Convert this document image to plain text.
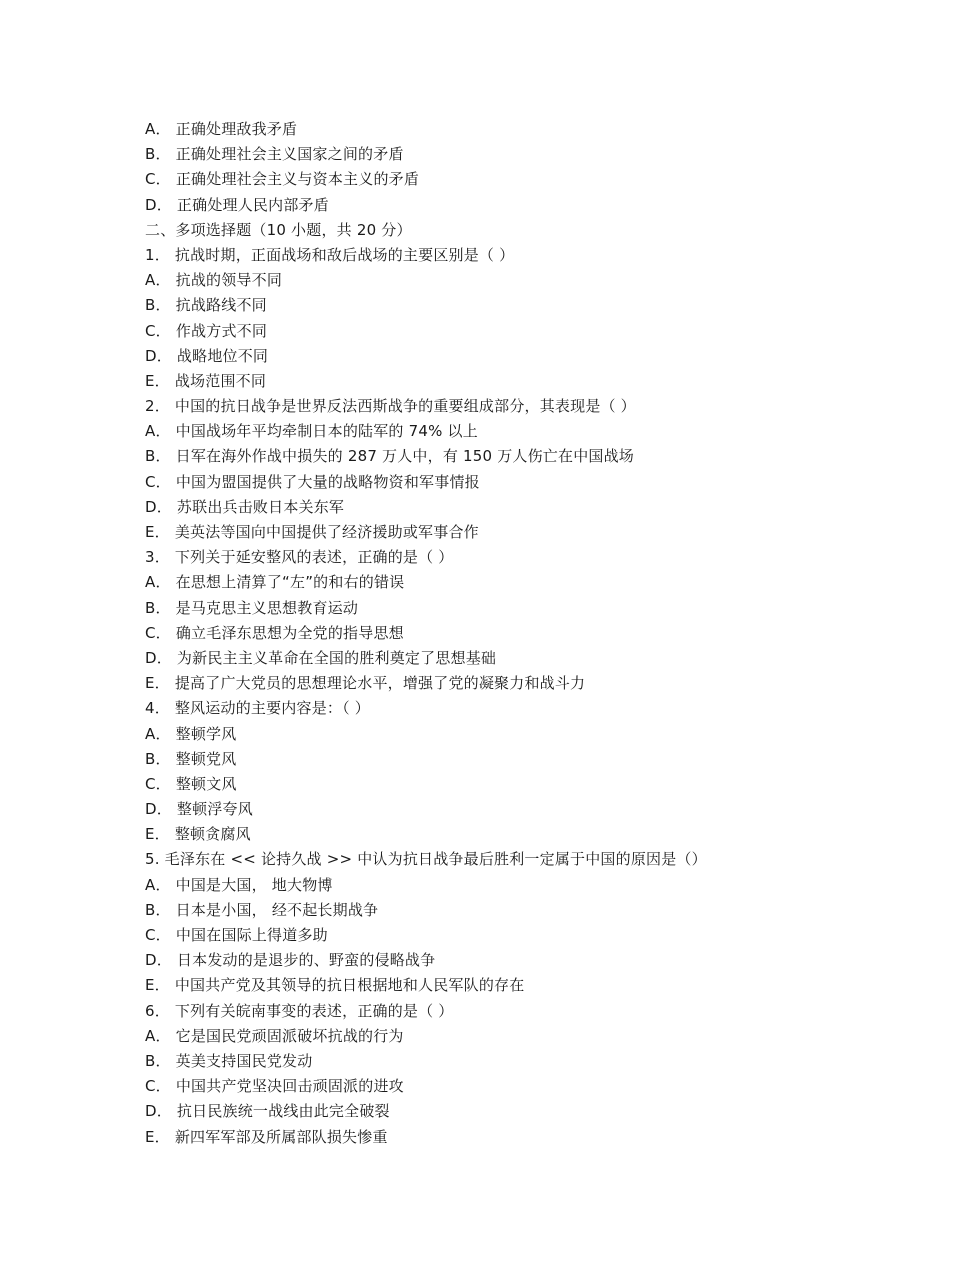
A． 正确处理敌我矛盾
B． 正确处理社会主义国家之间的矛盾
C． 正确处理社会主义与资本主义的矛盾
D． 正确处理人民内部矛盾
二、多项选择题（10 小题，共 20 分）
1． 抗战时期，正面战场和敌后战场的主要区别是（ ）
A． 抗战的领导不同
B． 抗战路线不同
C． 作战方式不同
D． 战略地位不同
E． 战场范围不同
2． 中国的抗日战争是世界反法西斯战争的重要组成部分，其表现是（ ）
A． 中国战场年平均牵制日本的陆军的 74% 以上
B． 日军在海外作战中损失的 287 万人中，有 150 万人伤亡在中国战场
C． 中国为盟国提供了大量的战略物资和军事情报
D． 苏联出兵击败日本关东军
E． 美英法等国向中国提供了经济援助或军事合作
3． 下列关于延安整风的表述，正确的是（ ）
A． 在思想上清算了“左”的和右的错误
B． 是马克思主义思想教育运动
C． 确立毛泽东思想为全党的指导思想
D． 为新民主主义革命在全国的胜利奠定了思想基础
E． 提高了广大党员的思想理论水平，增强了党的凝聚力和战斗力
4． 整风运动的主要内容是：（ ）
A． 整顿学风
B． 整顿党风
C． 整顿文风
D． 整顿浮夸风
E． 整顿贪腐风
5. 毛泽东在 << 论持久战 >> 中认为抗日战争最后胜利一定属于中国的原因是（）
A． 中国是大国， 地大物博
B． 日本是小国， 经不起长期战争
C． 中国在国际上得道多助
D． 日本发动的是退步的、野蛮的侵略战争
E． 中国共产党及其领导的抗日根据地和人民军队的存在
6． 下列有关皖南事变的表述，正确的是（ ）
A． 它是国民党顽固派破坏抗战的行为
B． 英美支持国民党发动
C． 中国共产党坚决回击顽固派的进攻
D． 抗日民族统一战线由此完全破裂
E． 新四军军部及所属部队损失惨重
